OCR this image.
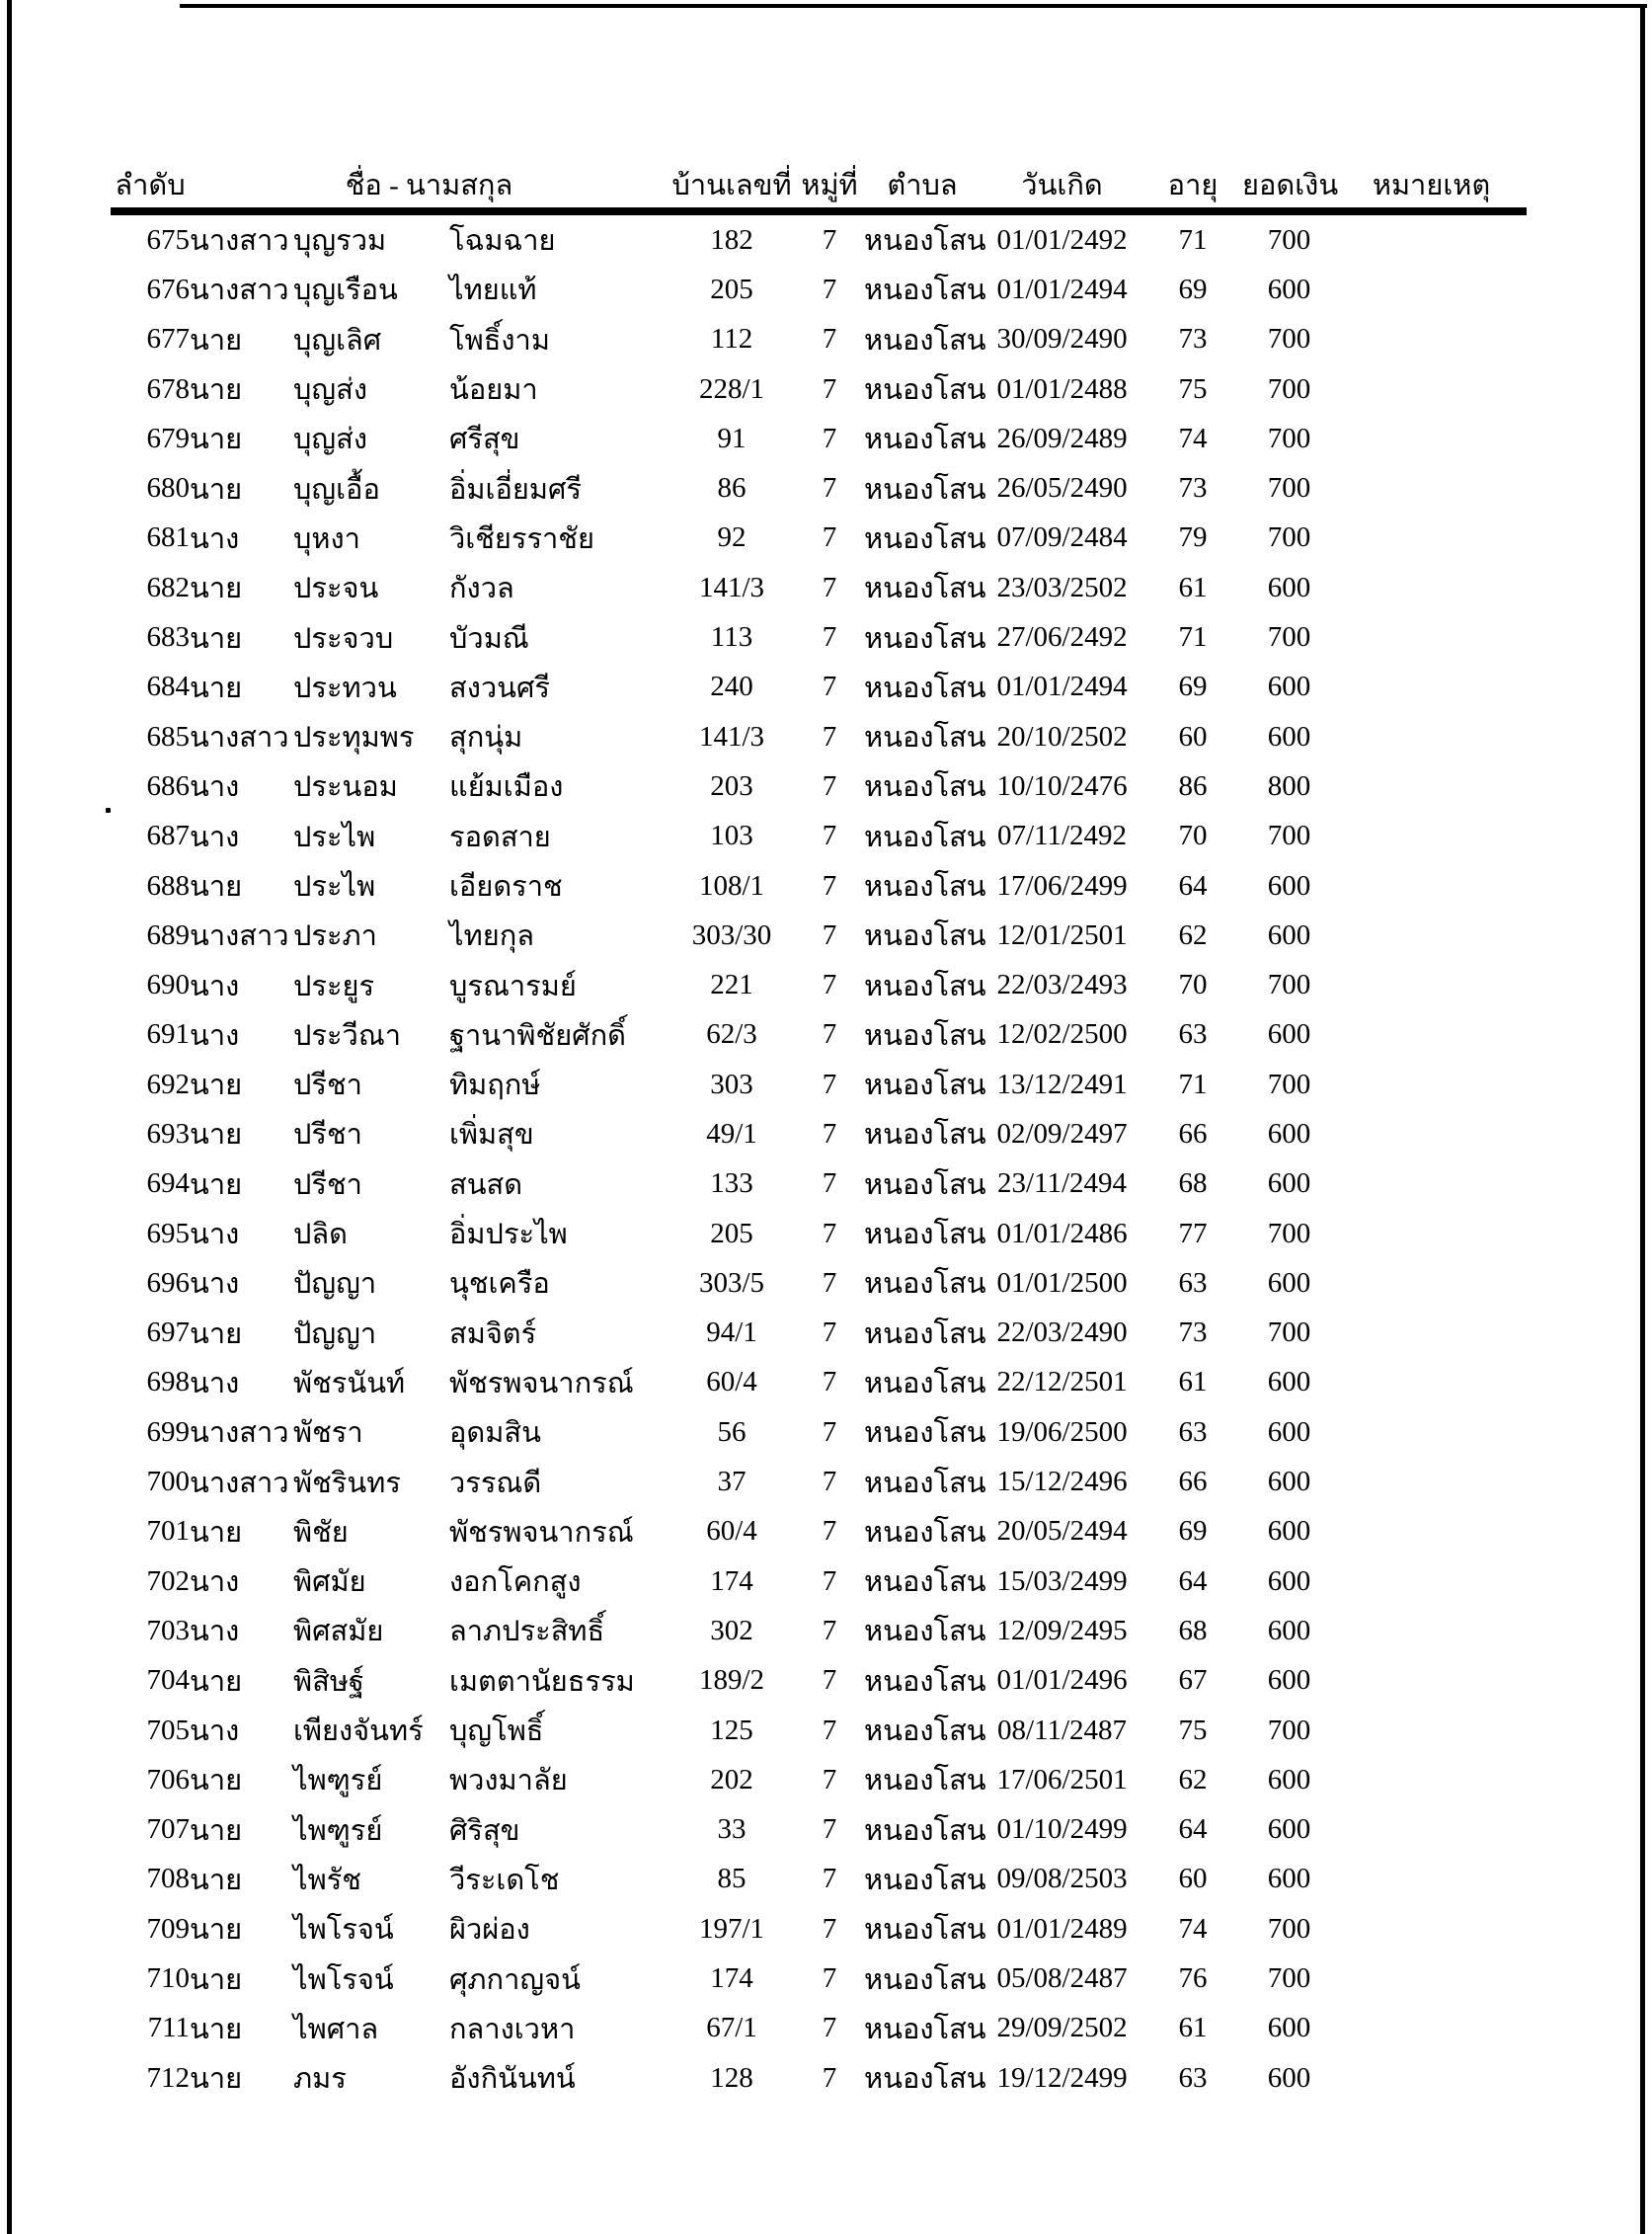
ลำดับ	ชื่อ - นามสกุล			บ้านเลขที่	หมู่ที่	ตำบล	วันเกิด	อายุ	ยอดเงิน	หมายเหตุ
675	นางสาว	บุญรวม	โฉมฉาย	182	7	หนองโสน	01/01/2492	71	700	
676	นางสาว	บุญเรือน	ไทยแท้	205	7	หนองโสน	01/01/2494	69	600	
677	นาย	บุญเลิศ	โพธิ์งาม	112	7	หนองโสน	30/09/2490	73	700	
678	นาย	บุญส่ง	น้อยมา	228/1	7	หนองโสน	01/01/2488	75	700	
679	นาย	บุญส่ง	ศรีสุข	91	7	หนองโสน	26/09/2489	74	700	
680	นาย	บุญเอื้อ	อิ่มเอี่ยมศรี	86	7	หนองโสน	26/05/2490	73	700	
681	นาง	บุหงา	วิเชียรราชัย	92	7	หนองโสน	07/09/2484	79	700	
682	นาย	ประจน	กังวล	141/3	7	หนองโสน	23/03/2502	61	600	
683	นาย	ประจวบ	บัวมณี	113	7	หนองโสน	27/06/2492	71	700	
684	นาย	ประทวน	สงวนศรี	240	7	หนองโสน	01/01/2494	69	600	
685	นางสาว	ประทุมพร	สุกนุ่ม	141/3	7	หนองโสน	20/10/2502	60	600	
686	นาง	ประนอม	แย้มเมือง	203	7	หนองโสน	10/10/2476	86	800	
687	นาง	ประไพ	รอดสาย	103	7	หนองโสน	07/11/2492	70	700	
688	นาย	ประไพ	เอียดราช	108/1	7	หนองโสน	17/06/2499	64	600	
689	นางสาว	ประภา	ไทยกุล	303/30	7	หนองโสน	12/01/2501	62	600	
690	นาง	ประยูร	บูรณารมย์	221	7	หนองโสน	22/03/2493	70	700	
691	นาง	ประวีณา	ฐานาพิชัยศักดิ์	62/3	7	หนองโสน	12/02/2500	63	600	
692	นาย	ปรีชา	ทิมฤกษ์	303	7	หนองโสน	13/12/2491	71	700	
693	นาย	ปรีชา	เพิ่มสุข	49/1	7	หนองโสน	02/09/2497	66	600	
694	นาย	ปรีชา	สนสด	133	7	หนองโสน	23/11/2494	68	600	
695	นาง	ปลิด	อิ่มประไพ	205	7	หนองโสน	01/01/2486	77	700	
696	นาง	ปัญญา	นุชเครือ	303/5	7	หนองโสน	01/01/2500	63	600	
697	นาย	ปัญญา	สมจิตร์	94/1	7	หนองโสน	22/03/2490	73	700	
698	นาง	พัชรนันท์	พัชรพจนากรณ์	60/4	7	หนองโสน	22/12/2501	61	600	
699	นางสาว	พัชรา	อุดมสิน	56	7	หนองโสน	19/06/2500	63	600	
700	นางสาว	พัชรินทร	วรรณดี	37	7	หนองโสน	15/12/2496	66	600	
701	นาย	พิชัย	พัชรพจนากรณ์	60/4	7	หนองโสน	20/05/2494	69	600	
702	นาง	พิศมัย	งอกโคกสูง	174	7	หนองโสน	15/03/2499	64	600	
703	นาง	พิศสมัย	ลาภประสิทธิ์	302	7	หนองโสน	12/09/2495	68	600	
704	นาย	พิสิษฐ์	เมตตานัยธรรม	189/2	7	หนองโสน	01/01/2496	67	600	
705	นาง	เพียงจันทร์	บุญโพธิ์	125	7	หนองโสน	08/11/2487	75	700	
706	นาย	ไพฑูรย์	พวงมาลัย	202	7	หนองโสน	17/06/2501	62	600	
707	นาย	ไพฑูรย์	ศิริสุข	33	7	หนองโสน	01/10/2499	64	600	
708	นาย	ไพรัช	วีระเดโช	85	7	หนองโสน	09/08/2503	60	600	
709	นาย	ไพโรจน์	ผิวผ่อง	197/1	7	หนองโสน	01/01/2489	74	700	
710	นาย	ไพโรจน์	ศุภกาญจน์	174	7	หนองโสน	05/08/2487	76	700	
711	นาย	ไพศาล	กลางเวหา	67/1	7	หนองโสน	29/09/2502	61	600	
712	นาย	ภมร	อังกินันทน์	128	7	หนองโสน	19/12/2499	63	600	
